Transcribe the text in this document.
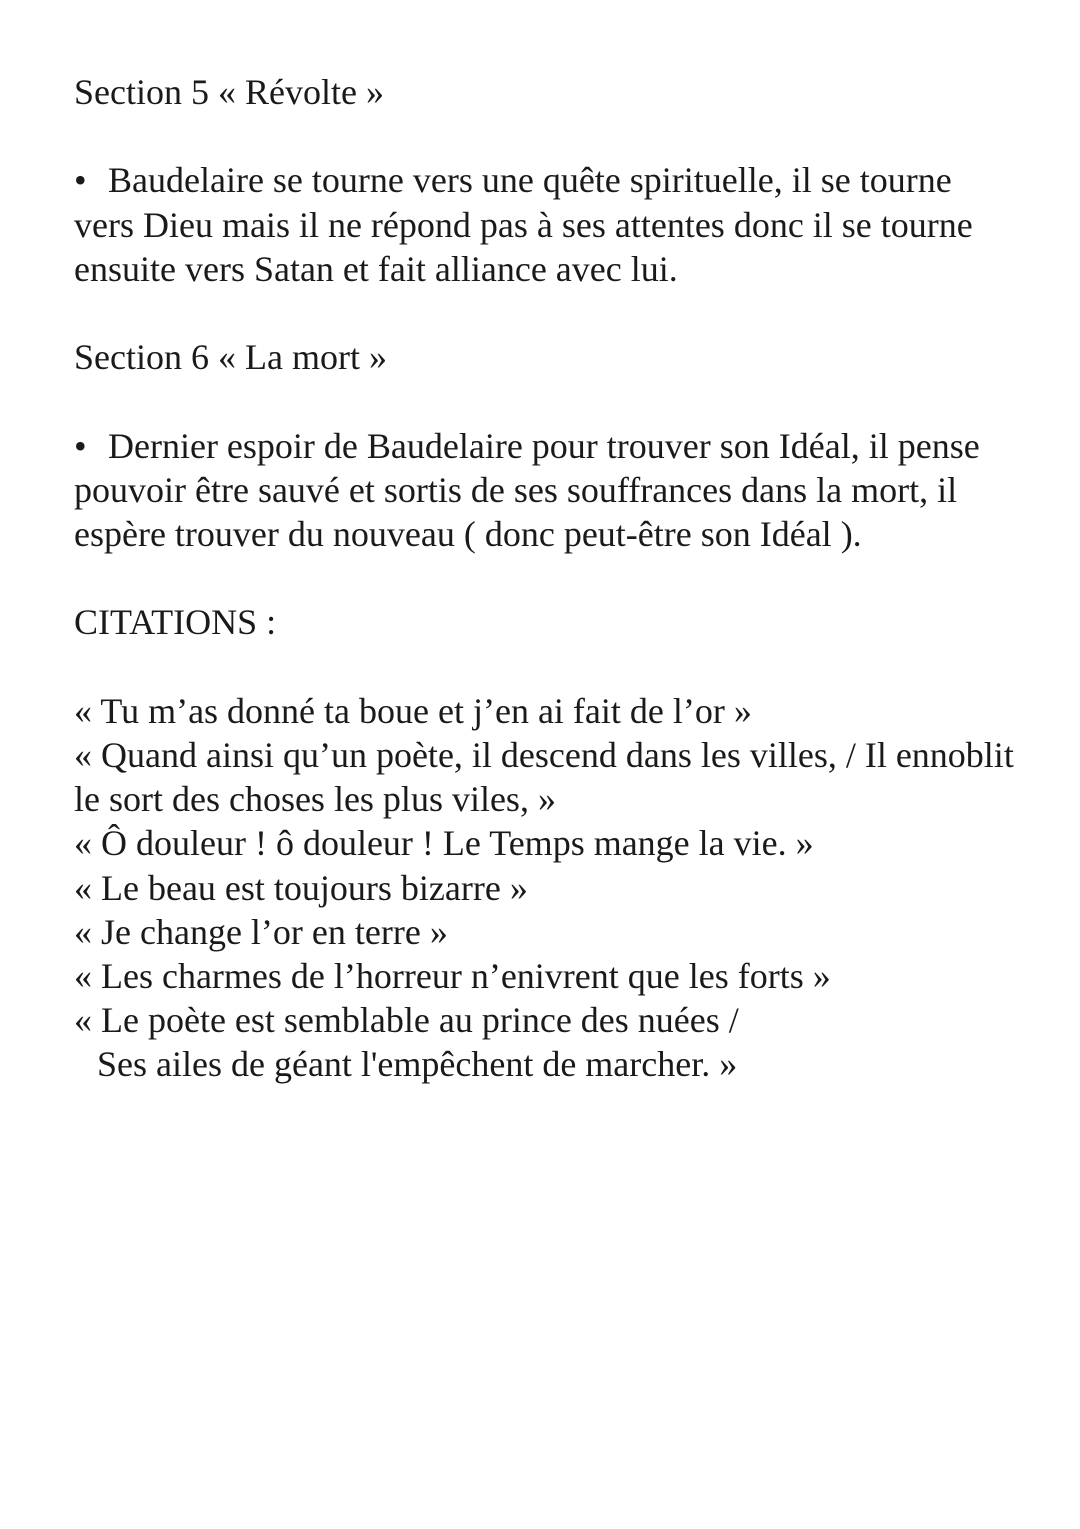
Section 5 « Révolte »

• Baudelaire se tourne vers une quête spirituelle, il se tourne vers Dieu mais il ne répond pas à ses attentes donc il se tourne ensuite vers Satan et fait alliance avec lui.

Section 6 « La mort »

• Dernier espoir de Baudelaire pour trouver son Idéal, il pense pouvoir être sauvé et sortis de ses souffrances dans la mort, il espère trouver du nouveau ( donc peut-être son Idéal ).

CITATIONS :
« Tu m’as donné ta boue et j’en ai fait de l’or »
« Quand ainsi qu’un poète, il descend dans les villes, / Il ennoblit le sort des choses les plus viles, »
« Ô douleur ! ô douleur ! Le Temps mange la vie. »
« Le beau est toujours bizarre »
« Je change l’or en terre »
« Les charmes de l’horreur n’enivrent que les forts »
« Le poète est semblable au prince des nuées /
Ses ailes de géant l'empêchent de marcher. »
